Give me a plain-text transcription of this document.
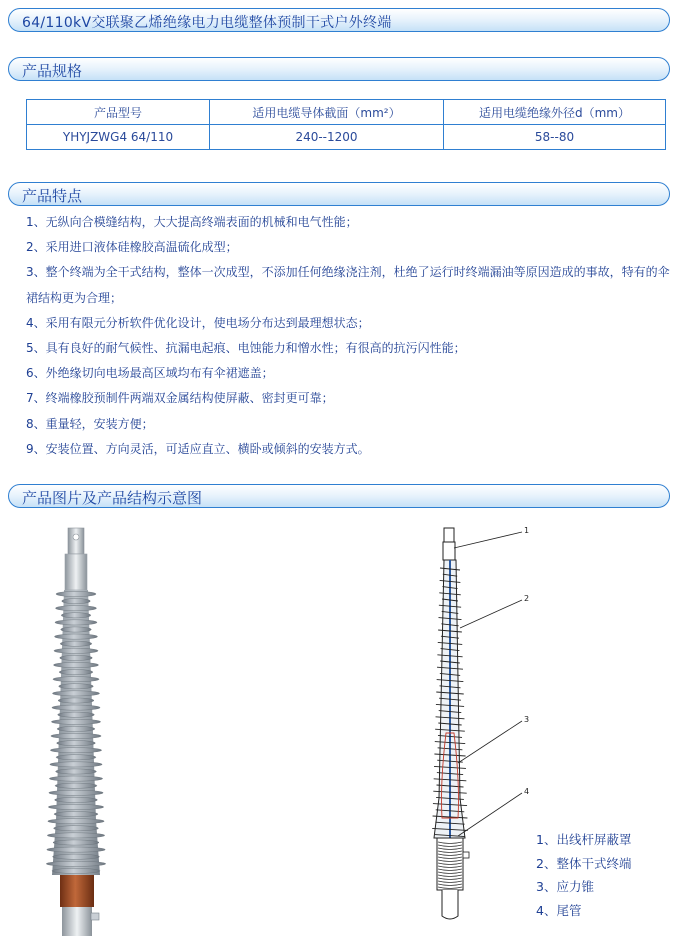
64/110kV交联聚乙烯绝缘电力电缆整体预制干式户外终端
产品规格
产品型号	适用电缆导体截面（mm²）	适用电缆绝缘外径d（mm）
YHYJZWG4 64/110	240--1200	58--80
产品特点
1、无纵向合模缝结构，大大提高终端表面的机械和电气性能；
2、采用进口液体硅橡胶高温硫化成型；
3、整个终端为全干式结构，整体一次成型，不添加任何绝缘浇注剂，杜绝了运行时终端漏油等原因造成的事故，特有的伞裙结构更为合理；
4、采用有限元分析软件优化设计，使电场分布达到最理想状态；
5、具有良好的耐气候性、抗漏电起痕、电蚀能力和憎水性；有很高的抗污闪性能；
6、外绝缘切向电场最高区域均布有伞裙遮盖；
7、终端橡胶预制件两端双金属结构使屏蔽、密封更可靠；
8、重量轻，安装方便；
9、安装位置、方向灵活，可适应直立、横卧或倾斜的安装方式。
产品图片及产品结构示意图
1
2
3
4
1、出线杆屏蔽罩
2、整体干式终端
3、应力锥
4、尾管
